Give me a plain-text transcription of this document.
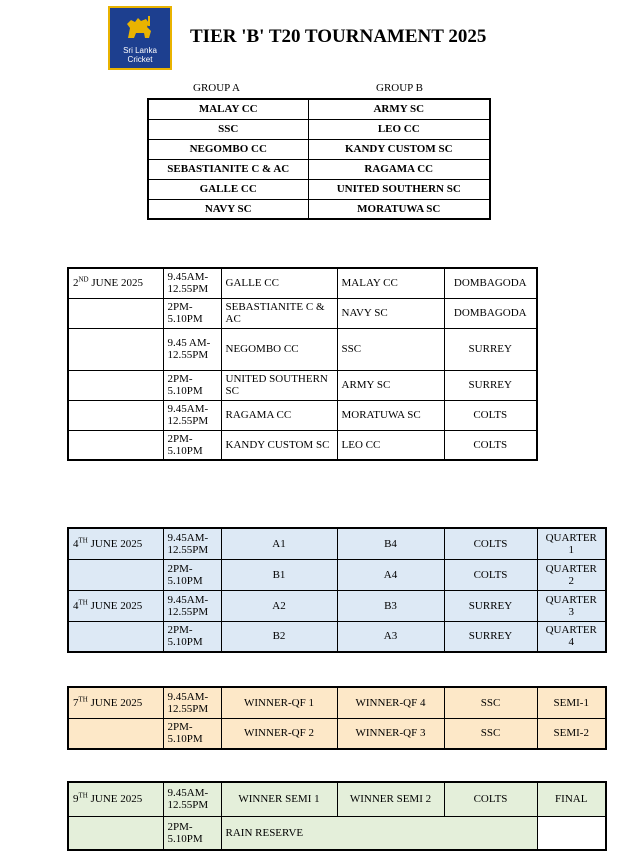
Sri Lanka
Cricket
TIER 'B' T20 TOURNAMENT 2025
GROUP A	GROUP B
MALAY CC	ARMY SC
SSC	LEO CC
NEGOMBO CC	KANDY CUSTOM SC
SEBASTIANITE C & AC	RAGAMA CC
GALLE CC	UNITED SOUTHERN SC
NAVY SC	MORATUWA SC
2ND JUNE 2025	9.45AM-12.55PM	GALLE CC	MALAY CC	DOMBAGODA
	2PM-5.10PM	SEBASTIANITE C & AC	NAVY SC	DOMBAGODA
	9.45 AM-12.55PM	NEGOMBO CC	SSC	SURREY
	2PM-5.10PM	UNITED SOUTHERN SC	ARMY SC	SURREY
	9.45AM-12.55PM	RAGAMA CC	MORATUWA SC	COLTS
	2PM-5.10PM	KANDY CUSTOM SC	LEO CC	COLTS
4TH JUNE 2025	9.45AM-12.55PM	A1	B4	COLTS	QUARTER 1
	2PM-5.10PM	B1	A4	COLTS	QUARTER 2
4TH JUNE 2025	9.45AM-12.55PM	A2	B3	SURREY	QUARTER 3
	2PM-5.10PM	B2	A3	SURREY	QUARTER 4
7TH JUNE 2025	9.45AM-12.55PM	WINNER-QF 1	WINNER-QF 4	SSC	SEMI-1
	2PM-5.10PM	WINNER-QF 2	WINNER-QF 3	SSC	SEMI-2
9TH JUNE 2025	9.45AM-12.55PM	WINNER SEMI 1	WINNER SEMI 2	COLTS	FINAL
	2PM-5.10PM	RAIN RESERVE			
